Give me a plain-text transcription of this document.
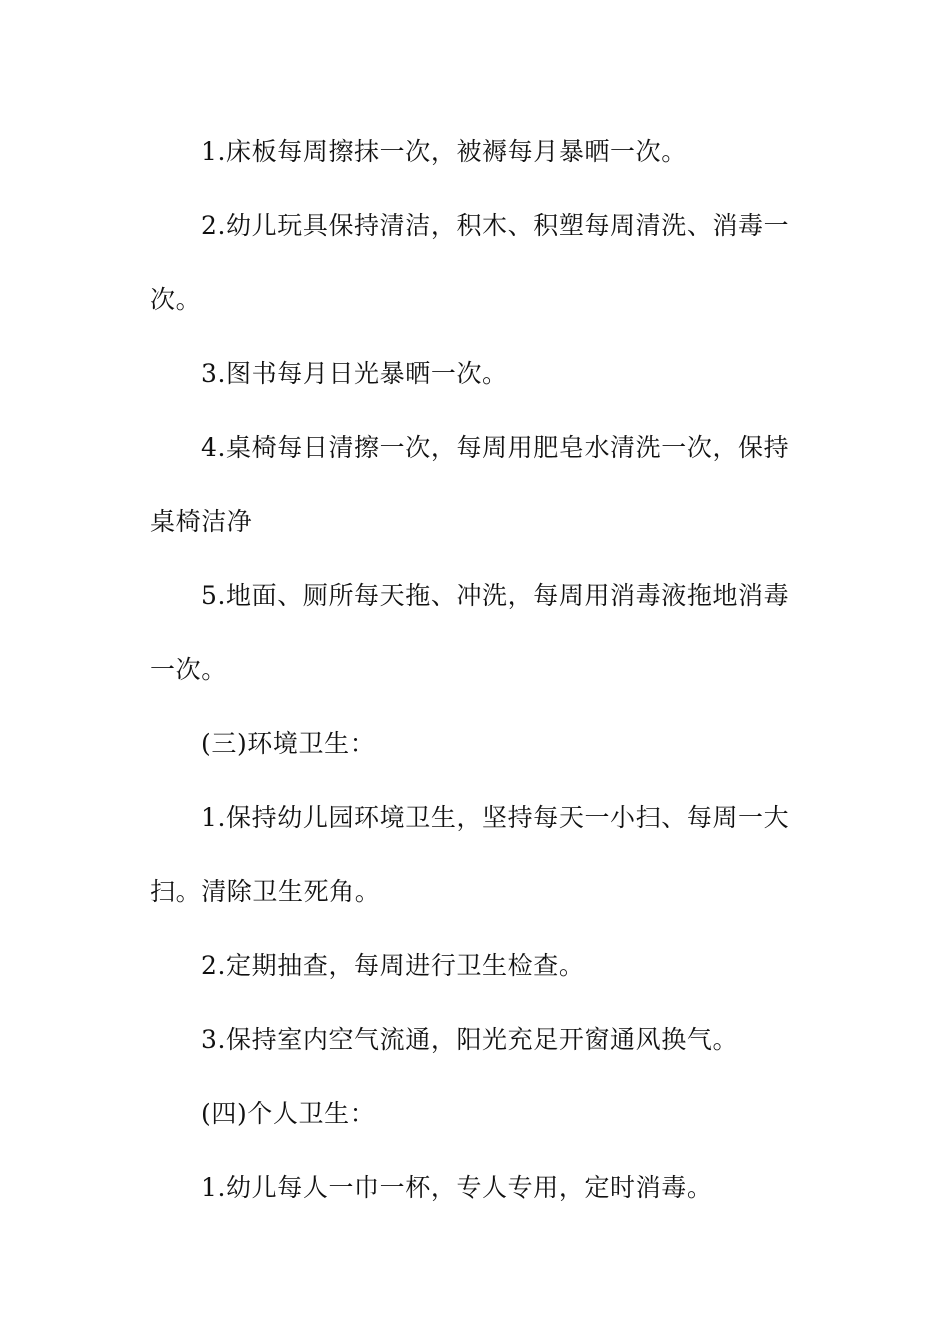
1.床板每周擦抹一次，被褥每月暴晒一次。

2.幼儿玩具保持清洁，积木、积塑每周清洗、消毒一次。

3.图书每月日光暴晒一次。

4.桌椅每日清擦一次，每周用肥皂水清洗一次，保持桌椅洁净

5.地面、厕所每天拖、冲洗，每周用消毒液拖地消毒一次。

(三)环境卫生：

1.保持幼儿园环境卫生，坚持每天一小扫、每周一大扫。清除卫生死角。

2.定期抽查，每周进行卫生检查。

3.保持室内空气流通，阳光充足开窗通风换气。

(四)个人卫生：

1.幼儿每人一巾一杯，专人专用，定时消毒。
